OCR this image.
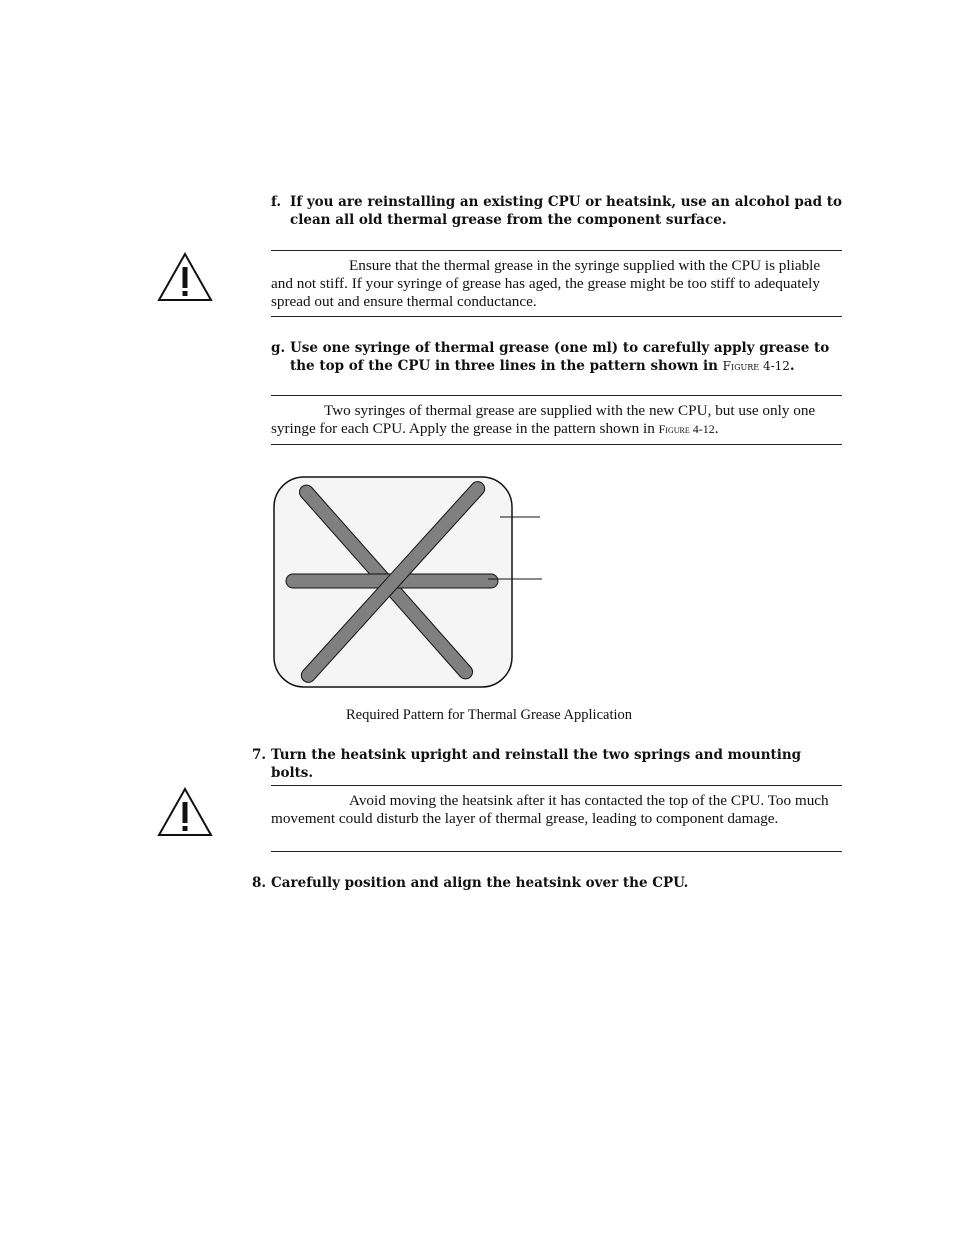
f. If you are reinstalling an existing CPU or heatsink, use an alcohol pad to clean all old thermal grease from the component surface.
Ensure that the thermal grease in the syringe supplied with the CPU is pliable and not stiff. If your syringe of grease has aged, the grease might be too stiff to adequately spread out and ensure thermal conductance.
g. Use one syringe of thermal grease (one ml) to carefully apply grease to the top of the CPU in three lines in the pattern shown in Figure 4-12.
Two syringes of thermal grease are supplied with the new CPU, but use only one syringe for each CPU. Apply the grease in the pattern shown in Figure 4-12.
Required Pattern for Thermal Grease Application
7. Turn the heatsink upright and reinstall the two springs and mounting bolts.
Avoid moving the heatsink after it has contacted the top of the CPU. Too much movement could disturb the layer of thermal grease, leading to component damage.
8. Carefully position and align the heatsink over the CPU.
